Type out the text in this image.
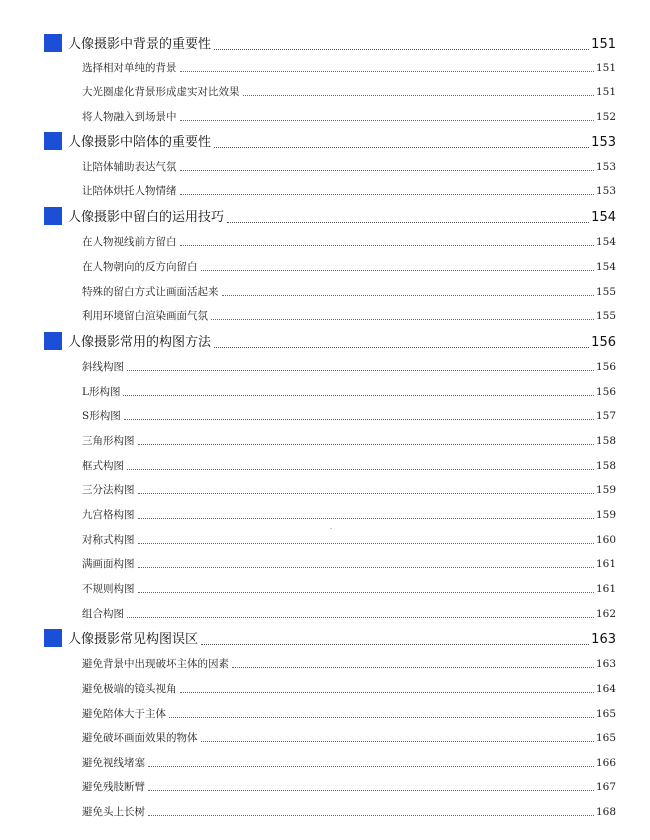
人像摄影中背景的重要性	151
选择相对单纯的背景	151
大光圈虚化背景形成虚实对比效果	151
将人物融入到场景中	152
人像摄影中陪体的重要性	153
让陪体辅助表达气氛	153
让陪体烘托人物情绪	153
人像摄影中留白的运用技巧	154
在人物视线前方留白	154
在人物朝向的反方向留白	154
特殊的留白方式让画面活起来	155
利用环境留白渲染画面气氛	155
人像摄影常用的构图方法	156
斜线构图	156
L形构图	156
S形构图	157
三角形构图	158
框式构图	158
三分法构图	159
九宫格构图	159
对称式构图	160
满画面构图	161
不规则构图	161
组合构图	162
人像摄影常见构图误区	163
避免背景中出现破坏主体的因素	163
避免极端的镜头视角	164
避免陪体大于主体	165
避免破坏画面效果的物体	165
避免视线堵塞	166
避免残肢断臂	167
避免头上长树	168
